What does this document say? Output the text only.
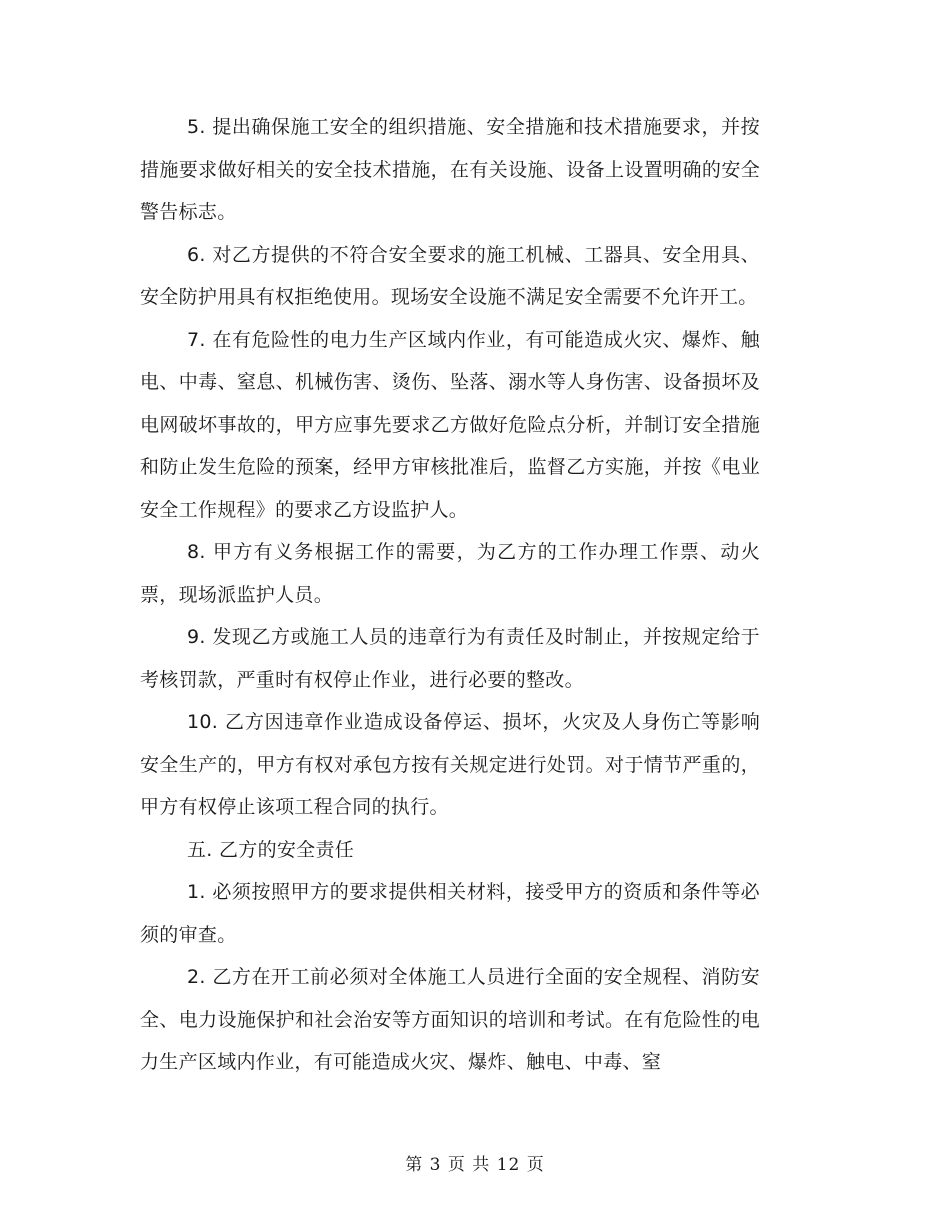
5. 提出确保施工安全的组织措施、安全措施和技术措施要求，并按措施要求做好相关的安全技术措施，在有关设施、设备上设置明确的安全警告标志。

6. 对乙方提供的不符合安全要求的施工机械、工器具、安全用具、安全防护用具有权拒绝使用。现场安全设施不满足安全需要不允许开工。

7. 在有危险性的电力生产区域内作业，有可能造成火灾、爆炸、触电、中毒、窒息、机械伤害、烫伤、坠落、溺水等人身伤害、设备损坏及电网破坏事故的，甲方应事先要求乙方做好危险点分析，并制订安全措施和防止发生危险的预案，经甲方审核批准后，监督乙方实施，并按《电业安全工作规程》的要求乙方设监护人。

8. 甲方有义务根据工作的需要，为乙方的工作办理工作票、动火票，现场派监护人员。

9. 发现乙方或施工人员的违章行为有责任及时制止，并按规定给于考核罚款，严重时有权停止作业，进行必要的整改。

10. 乙方因违章作业造成设备停运、损坏，火灾及人身伤亡等影响安全生产的，甲方有权对承包方按有关规定进行处罚。对于情节严重的，甲方有权停止该项工程合同的执行。

五. 乙方的安全责任

1. 必须按照甲方的要求提供相关材料，接受甲方的资质和条件等必须的审查。

2. 乙方在开工前必须对全体施工人员进行全面的安全规程、消防安全、电力设施保护和社会治安等方面知识的培训和考试。在有危险性的电力生产区域内作业，有可能造成火灾、爆炸、触电、中毒、窒

第 3 页 共 12 页
